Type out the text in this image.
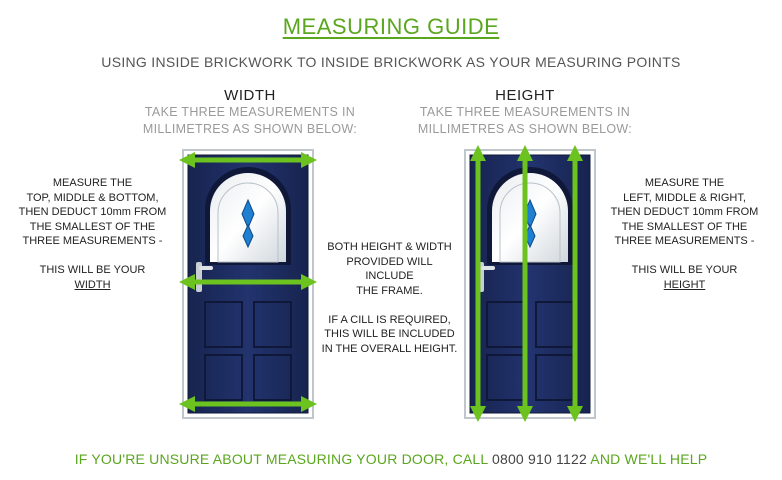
MEASURING GUIDE
USING INSIDE BRICKWORK TO INSIDE BRICKWORK AS YOUR MEASURING POINTS
WIDTH
TAKE THREE MEASUREMENTS IN
MILLIMETRES AS SHOWN BELOW:
HEIGHT
TAKE THREE MEASUREMENTS IN
MILLIMETRES AS SHOWN BELOW:
MEASURE THE
TOP, MIDDLE & BOTTOM,
THEN DEDUCT 10mm FROM
THE SMALLEST OF THE
THREE MEASUREMENTS -
THIS WILL BE YOUR
WIDTH
MEASURE THE
LEFT, MIDDLE & RIGHT,
THEN DEDUCT 10mm FROM
THE SMALLEST OF THE
THREE MEASUREMENTS -
THIS WILL BE YOUR
HEIGHT
BOTH HEIGHT & WIDTH
PROVIDED WILL
INCLUDE
THE FRAME.
IF A CILL IS REQUIRED,
THIS WILL BE INCLUDED
IN THE OVERALL HEIGHT.
IF YOU'RE UNSURE ABOUT MEASURING YOUR DOOR, CALL 0800 910 1122 AND WE'LL HELP
